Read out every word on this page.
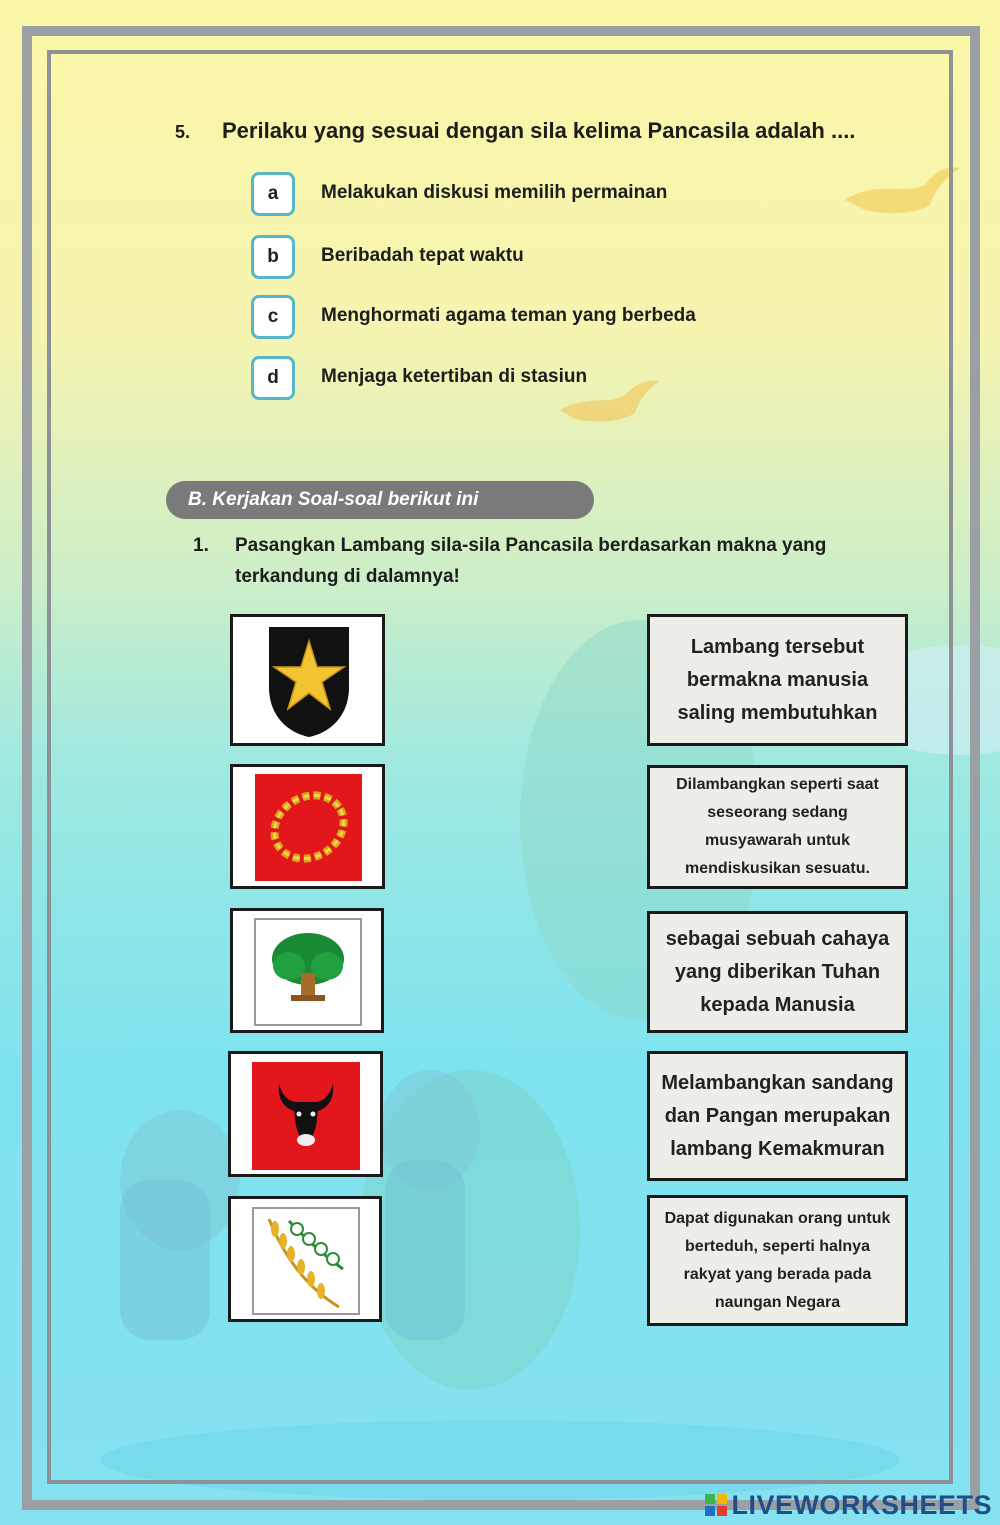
5. Perilaku yang sesuai dengan sila kelima Pancasila adalah ....
a	Melakukan diskusi memilih permainan
b	Beribadah tepat waktu
c	Menghormati agama teman yang berbeda
d	Menjaga ketertiban di stasiun
B. Kerjakan Soal-soal berikut ini
1. Pasangkan Lambang sila-sila Pancasila berdasarkan makna yang terkandung di dalamnya!
Lambang tersebut bermakna manusia saling membutuhkan
Dilambangkan seperti saat seseorang sedang musyawarah untuk mendiskusikan sesuatu.
sebagai sebuah cahaya yang diberikan Tuhan kepada Manusia
Melambangkan sandang dan Pangan merupakan lambang Kemakmuran
Dapat digunakan orang untuk berteduh, seperti halnya rakyat yang berada pada naungan Negara
LIVEWORKSHEETS
